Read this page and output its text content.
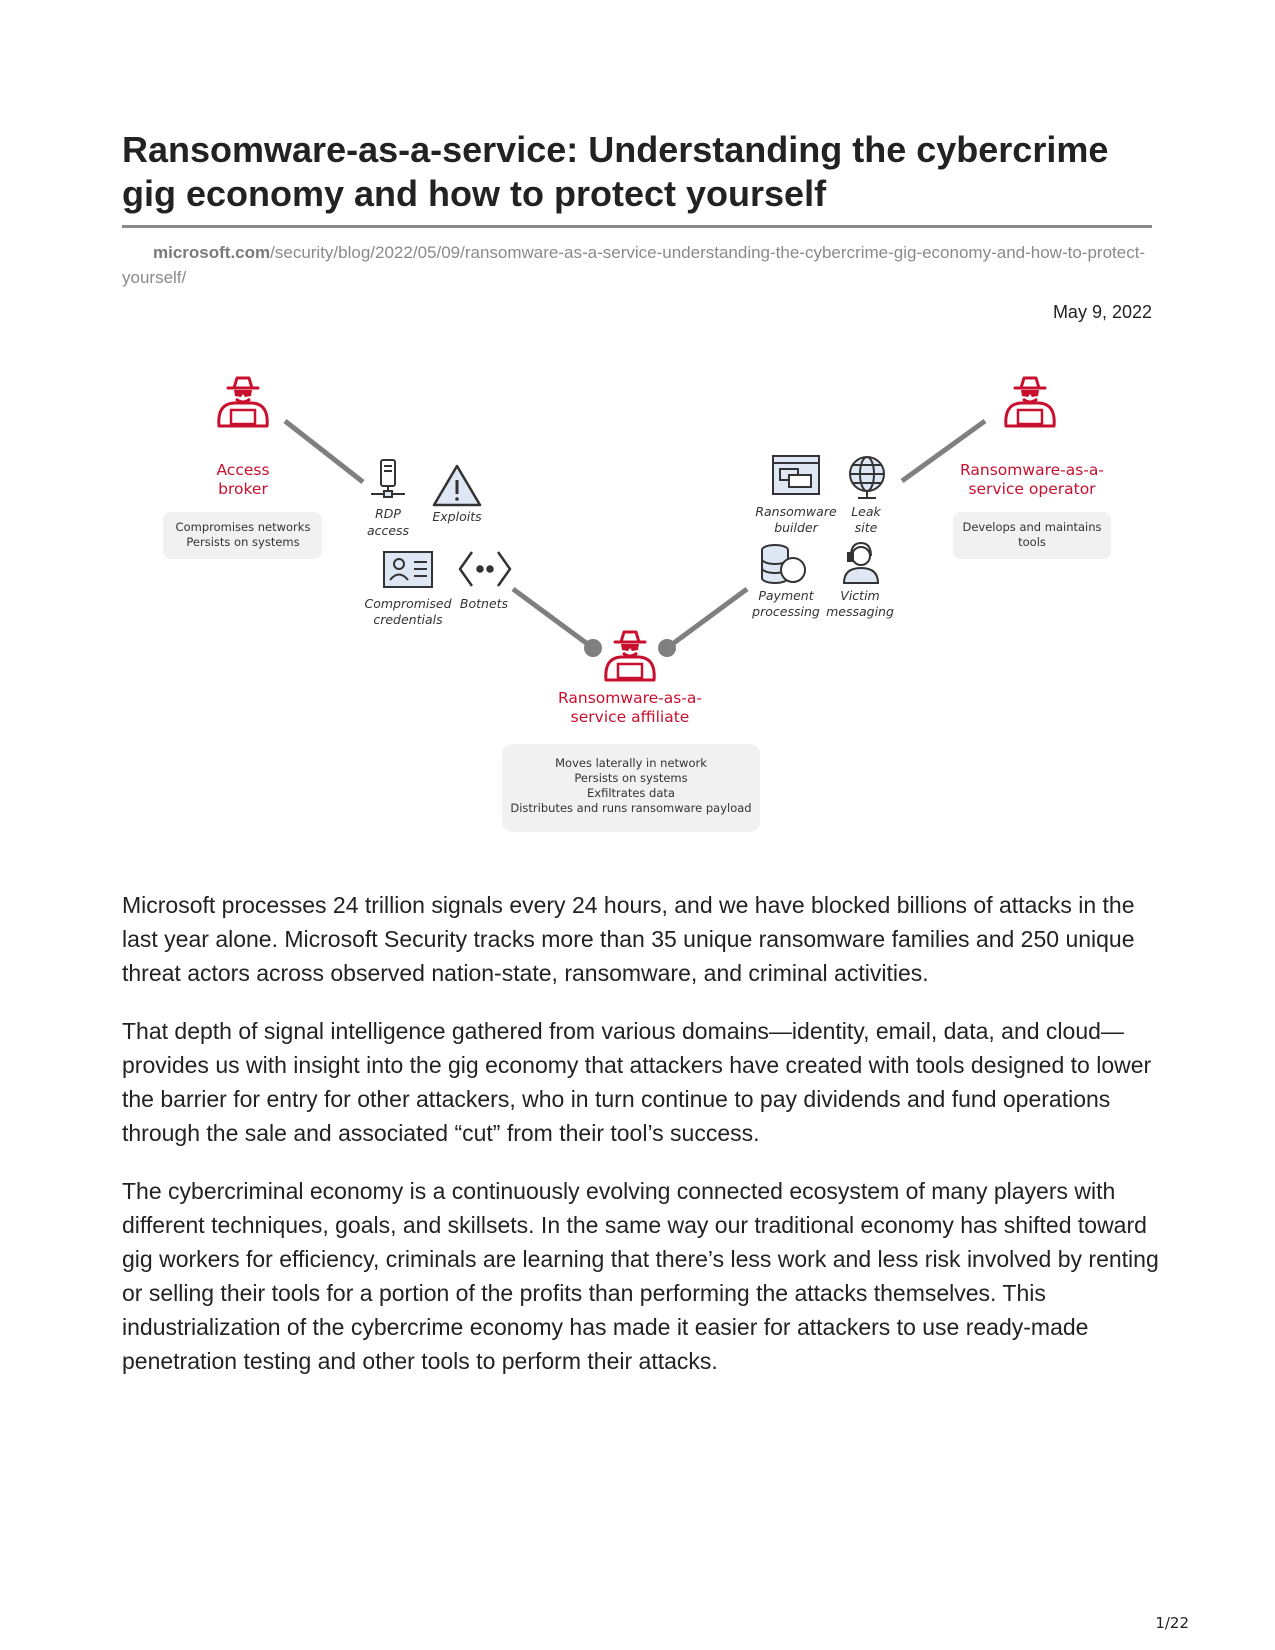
Ransomware-as-a-service: Understanding the cybercrime gig economy and how to protect yourself
microsoft.com/security/blog/2022/05/09/ransomware-as-a-service-understanding-the-cybercrime-gig-economy-and-how-to-protect-yourself/
May 9, 2022
Access
broker
Compromises networks
Persists on systems
RDP
access
Exploits
Compromised
credentials
Botnets
Ransomware-as-a-
service operator
Develops and maintains
tools
Ransomware
builder
Leak
site
Payment
processing
Victim
messaging
Ransomware-as-a-
service affiliate
Moves laterally in network
Persists on systems
Exfiltrates data
Distributes and runs ransomware payload

Microsoft processes 24 trillion signals every 24 hours, and we have blocked billions of attacks in the last year alone. Microsoft Security tracks more than 35 unique ransomware families and 250 unique threat actors across observed nation-state, ransomware, and criminal activities.

That depth of signal intelligence gathered from various domains—identity, email, data, and cloud—provides us with insight into the gig economy that attackers have created with tools designed to lower the barrier for entry for other attackers, who in turn continue to pay dividends and fund operations through the sale and associated “cut” from their tool’s success.

The cybercriminal economy is a continuously evolving connected ecosystem of many players with different techniques, goals, and skillsets. In the same way our traditional economy has shifted toward gig workers for efficiency, criminals are learning that there’s less work and less risk involved by renting or selling their tools for a portion of the profits than performing the attacks themselves. This industrialization of the cybercrime economy has made it easier for attackers to use ready-made penetration testing and other tools to perform their attacks.

1/22
